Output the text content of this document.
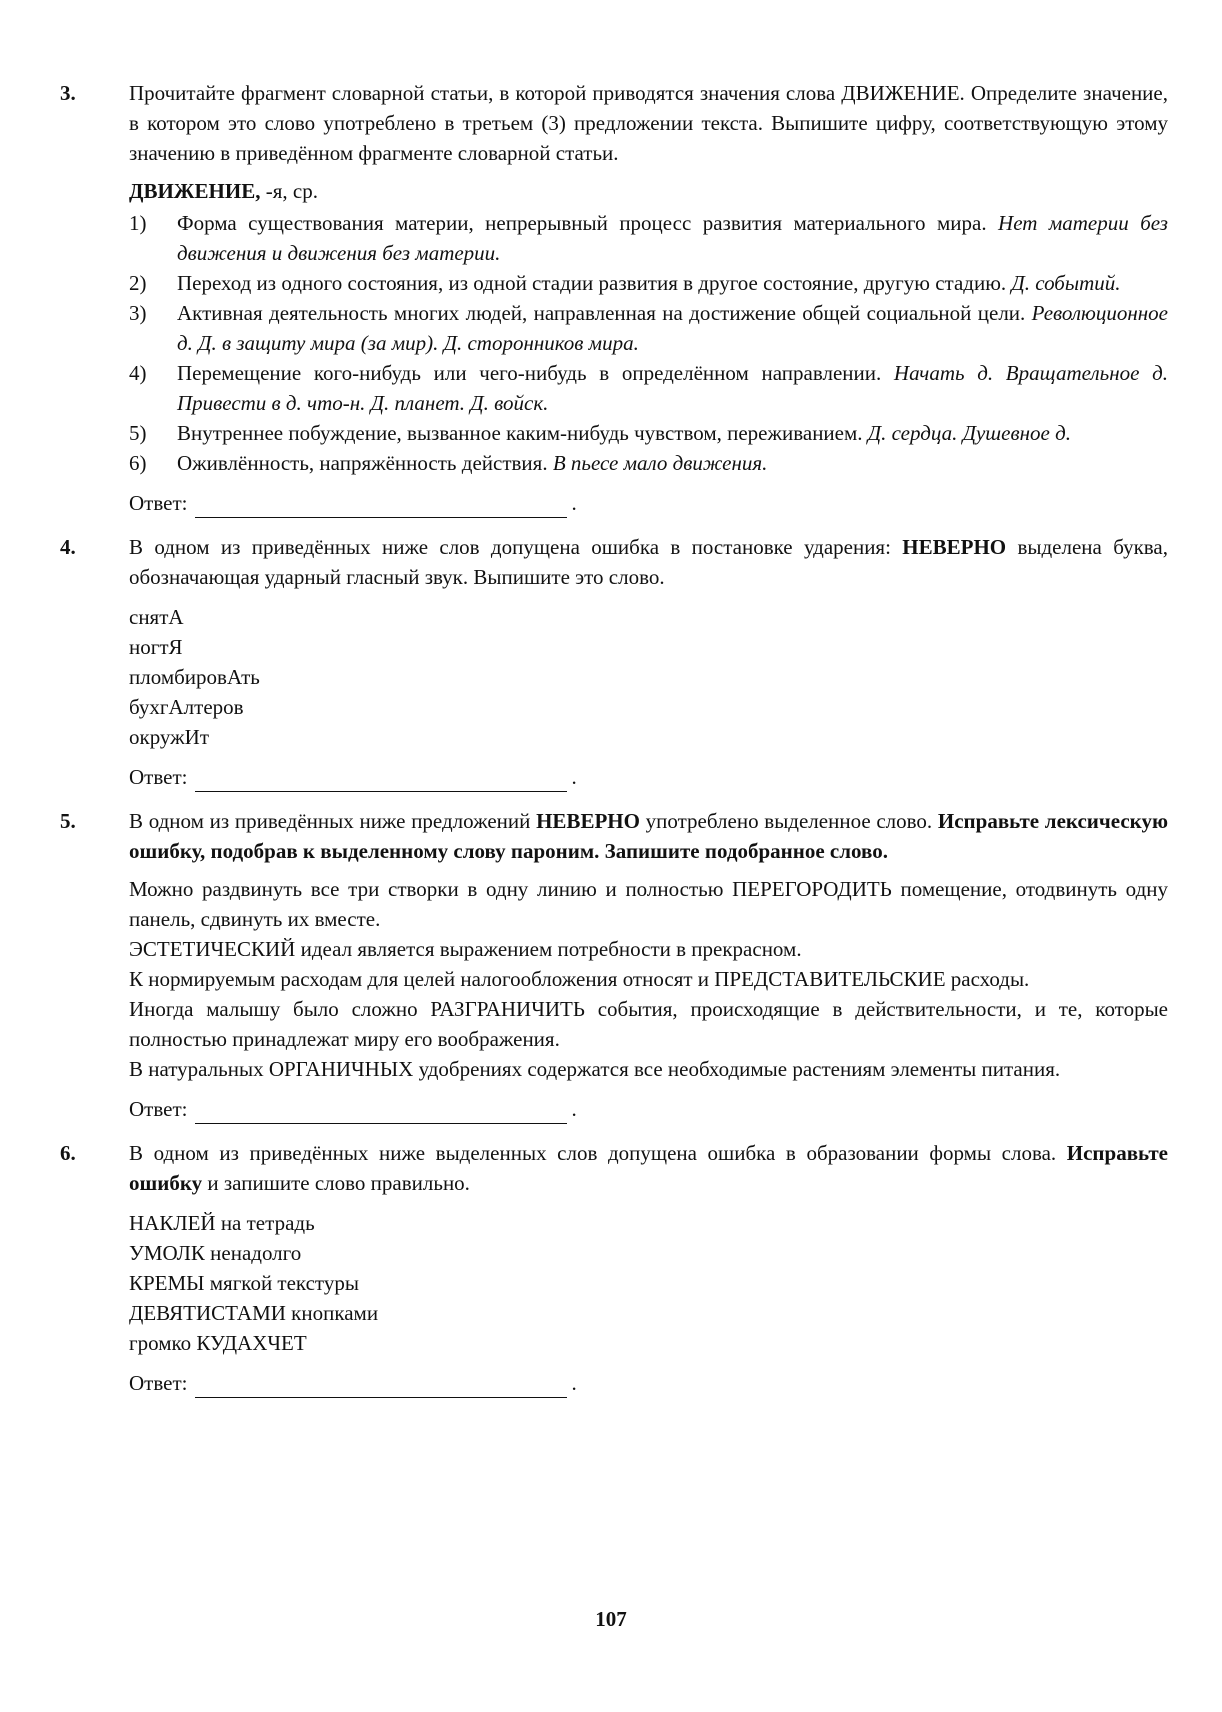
3.	Прочитайте фрагмент словарной статьи, в которой приводятся значения слова ДВИЖЕНИЕ. Определите значение, в котором это слово употреблено в третьем (3) предложении текста. Выпишите цифру, соответствующую этому значению в приведённом фрагменте словарной статьи.

ДВИЖЕНИЕ, -я, ср.
1)	Форма существования материи, непрерывный процесс развития материального мира. Нет материи без движения и движения без материи.
2)	Переход из одного состояния, из одной стадии развития в другое состояние, другую стадию. Д. событий.
3)	Активная деятельность многих людей, направленная на достижение общей социальной цели. Революционное д. Д. в защиту мира (за мир). Д. сторонников мира.
4)	Перемещение кого-нибудь или чего-нибудь в определённом направлении. Начать д. Вращательное д. Привести в д. что-н. Д. планет. Д. войск.
5)	Внутреннее побуждение, вызванное каким-нибудь чувством, переживанием. Д. сердца. Душевное д.
6)	Оживлённость, напряжённость действия. В пьесе мало движения.
Ответ:	.
4.	В одном из приведённых ниже слов допущена ошибка в постановке ударения: НЕВЕРНО выделена буква, обозначающая ударный гласный звук. Выпишите это слово.

снятА
ногтЯ
пломбировАть
бухгАлтеров
окружИт
Ответ:	.
5.	В одном из приведённых ниже предложений НЕВЕРНО употреблено выделенное слово. Исправьте лексическую ошибку, подобрав к выделенному слову пароним. Запишите подобранное слово.

Можно раздвинуть все три створки в одну линию и полностью ПЕРЕГОРОДИТЬ помещение, отодвинуть одну панель, сдвинуть их вместе.

ЭСТЕТИЧЕСКИЙ идеал является выражением потребности в прекрасном.

К нормируемым расходам для целей налогообложения относят и ПРЕДСТАВИТЕЛЬСКИЕ расходы.

Иногда малышу было сложно РАЗГРАНИЧИТЬ события, происходящие в действительности, и те, которые полностью принадлежат миру его воображения.

В натуральных ОРГАНИЧНЫХ удобрениях содержатся все необходимые растениям элементы питания.

Ответ:	.
6.	В одном из приведённых ниже выделенных слов допущена ошибка в образовании формы слова. Исправьте ошибку и запишите слово правильно.

НАКЛЕЙ на тетрадь
УМОЛК ненадолго
КРЕМЫ мягкой текстуры
ДЕВЯТИСТАМИ кнопками
громко КУДАХЧЕТ
Ответ:	.
107
